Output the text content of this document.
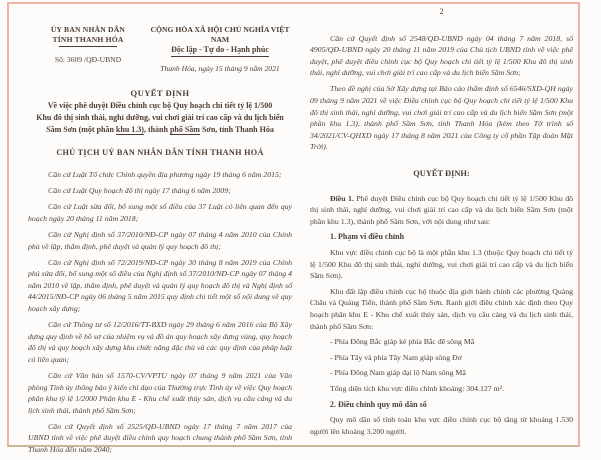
ỦY BAN NHÂN DÂN
TỈNH THANH HÓA
Số: 3609 /QĐ-UBND
CỘNG HÒA XÃ HỘI CHỦ NGHĨA VIỆT NAM
Độc lập - Tự do - Hạnh phúc
Thanh Hóa, ngày 15 tháng 9 năm 2021
QUYẾT ĐỊNH
Về việc phê duyệt Điều chỉnh cục bộ Quy hoạch chi tiết tỷ lệ 1/500
Khu đô thị sinh thái, nghỉ dưỡng, vui chơi giải trí cao cấp và du lịch biển
Sầm Sơn (một phần khu 1.3), thành phố Sầm Sơn, tỉnh Thanh Hóa
CHỦ TỊCH UỶ BAN NHÂN DÂN TỈNH THANH HOÁ

Căn cứ Luật Tổ chức Chính quyền địa phương ngày 19 tháng 6 năm 2015;

Căn cứ Luật Quy hoạch đô thị ngày 17 tháng 6 năm 2009;

Căn cứ Luật sửa đổi, bổ sung một số điều của 37 Luật có liên quan đến quy hoạch ngày 20 tháng 11 năm 2018;

Căn cứ Nghị định số 37/2010/NĐ-CP ngày 07 tháng 4 năm 2010 của Chính phủ về lập, thẩm định, phê duyệt và quản lý quy hoạch đô thị;

Căn cứ Nghị định số 72/2019/NĐ-CP ngày 30 tháng 8 năm 2019 của Chính phủ sửa đổi, bổ sung một số điều của Nghị định số 37/2010/NĐ-CP ngày 07 tháng 4 năm 2010 về lập, thẩm định, phê duyệt và quản lý quy hoạch đô thị và Nghị định số 44/2015/NĐ-CP ngày 06 tháng 5 năm 2015 quy định chi tiết một số nội dung về quy hoạch xây dựng;

Căn cứ Thông tư số 12/2016/TT-BXD ngày 29 tháng 6 năm 2016 của Bộ Xây dựng quy định về hồ sơ của nhiệm vụ và đồ án quy hoạch xây dựng vùng, quy hoạch đô thị và quy hoạch xây dựng khu chức năng đặc thù và các quy định của pháp luật có liên quan;

Căn cứ Văn bản số 1570-CV/VPTU ngày 07 tháng 9 năm 2021 của Văn phòng Tỉnh ủy thông báo ý kiến chỉ đạo của Thường trực Tỉnh ủy về việc Quy hoạch phân khu tỷ lệ 1/2000 Phân khu E - Khu chế xuất thủy sản, dịch vụ cầu cảng và du lịch sinh thái, thành phố Sầm Sơn;

Căn cứ Quyết định số 2525/QĐ-UBND ngày 17 tháng 7 năm 2017 của UBND tỉnh về việc phê duyệt điều chỉnh quy hoạch chung thành phố Sầm Sơn, tỉnh Thanh Hóa đến năm 2040;

2

Căn cứ Quyết định số 2548/QĐ-UBND ngày 04 tháng 7 năm 2018, số 4905/QĐ-UBND ngày 20 tháng 11 năm 2019 của Chủ tịch UBND tỉnh về việc phê duyệt, phê duyệt điều chỉnh cục bộ Quy hoạch chi tiết tỷ lệ 1/500 Khu đô thị sinh thái, nghỉ dưỡng, vui chơi giải trí cao cấp và du lịch biển Sầm Sơn;

Theo đề nghị của Sở Xây dựng tại Báo cáo thẩm định số 6546/SXD-QH ngày 09 tháng 9 năm 2021 về việc Điều chỉnh cục bộ Quy hoạch chi tiết tỷ lệ 1/500 Khu đô thị sinh thái, nghỉ dưỡng, vui chơi giải trí cao cấp và du lịch biển Sầm Sơn (một phần khu 1.3), thành phố Sầm Sơn, tỉnh Thanh Hóa (kèm theo Tờ trình số 34/2021/CV-QHXD ngày 17 tháng 8 năm 2021 của Công ty cổ phần Tập đoàn Mặt Trời).

QUYẾT ĐỊNH:

Điều 1. Phê duyệt Điều chỉnh cục bộ Quy hoạch chi tiết tỷ lệ 1/500 Khu đô thị sinh thái, nghỉ dưỡng, vui chơi giải trí cao cấp và du lịch biển Sầm Sơn (một phần khu 1.3), thành phố Sầm Sơn, với nội dung như sau:

1. Phạm vi điều chỉnh

Khu vực điều chỉnh cục bộ là một phần khu 1.3 (thuộc Quy hoạch chi tiết tỷ lệ 1/500 Khu đô thị sinh thái, nghỉ dưỡng, vui chơi giải trí cao cấp và du lịch biển Sầm Sơn).

Khu đất lập điều chỉnh cục bộ thuộc địa giới hành chính các phường Quảng Châu và Quảng Tiến, thành phố Sầm Sơn. Ranh giới điều chỉnh xác định theo Quy hoạch phân khu E - Khu chế xuất thủy sản, dịch vụ cầu cảng và du lịch sinh thái, thành phố Sầm Sơn:

- Phía Đông Bắc giáp kè phía Bắc đê sông Mã

- Phía Tây và phía Tây Nam giáp sông Đơ

- Phía Đông Nam giáp đại lộ Nam sông Mã

Tổng diện tích khu vực điều chỉnh khoảng: 304.127 m².

2. Điều chỉnh quy mô dân số

Quy mô dân số tính toán khu vực điều chỉnh cục bộ tăng từ khoảng 1.530 người lên khoảng 3.200 người.
